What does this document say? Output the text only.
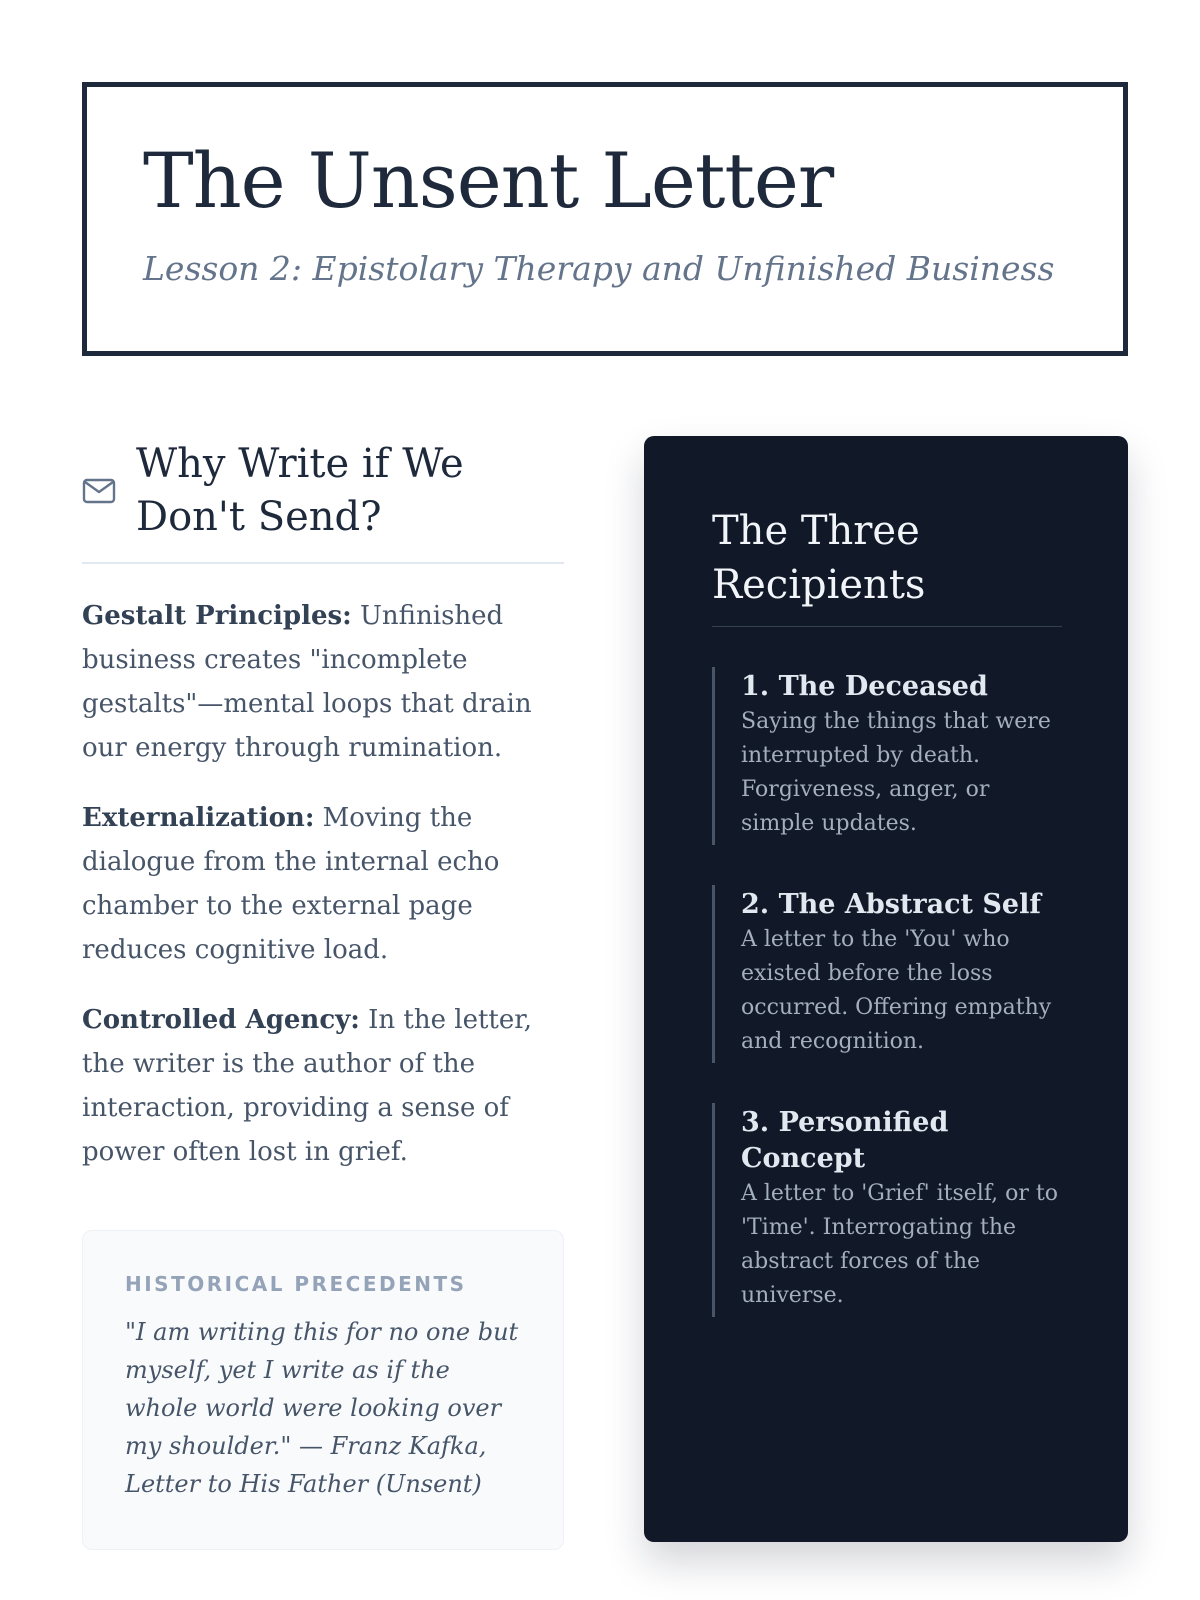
The Unsent Letter

Lesson 2: Epistolary Therapy and Unfinished Business

Why Write if We Don't Send?

Gestalt Principles: Unfinished business creates "incomplete gestalts"—mental loops that drain our energy through rumination.

Externalization: Moving the dialogue from the internal echo chamber to the external page reduces cognitive load.

Controlled Agency: In the letter, the writer is the author of the interaction, providing a sense of power often lost in grief.

HISTORICAL PRECEDENTS

"I am writing this for no one but myself, yet I write as if the whole world were looking over my shoulder." — Franz Kafka, Letter to His Father (Unsent)

The Three Recipients
1. The Deceased
Saying the things that were interrupted by death. Forgiveness, anger, or simple updates.
2. The Abstract Self
A letter to the 'You' who existed before the loss occurred. Offering empathy and recognition.
3. Personified Concept
A letter to 'Grief' itself, or to 'Time'. Interrogating the abstract forces of the universe.
